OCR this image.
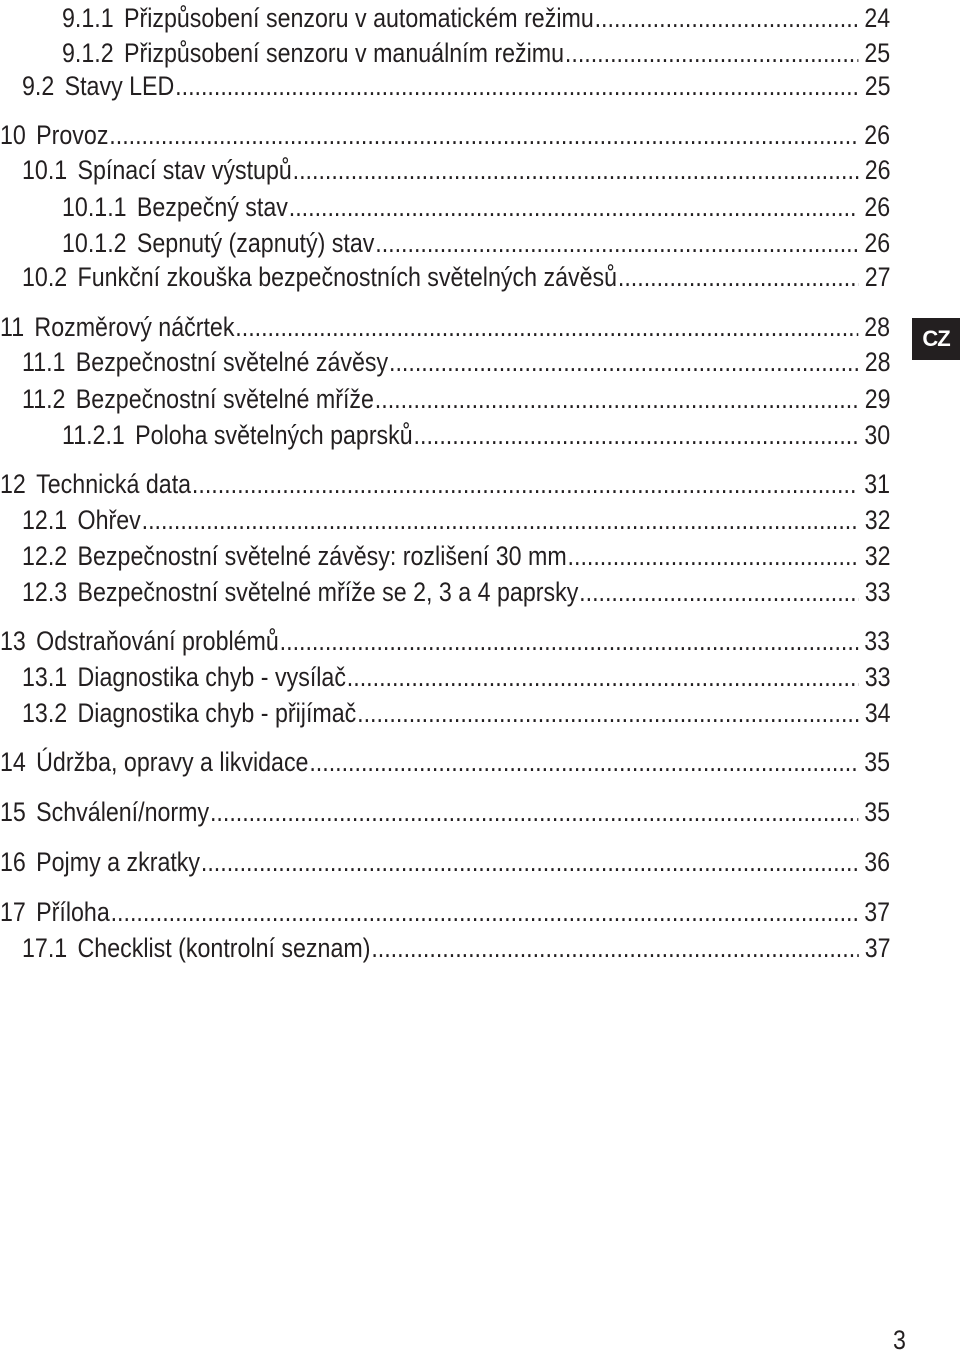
9.1.1 Přizpůsobení senzoru v automatickém režimu .....	24
9.1.2 Přizpůsobení senzoru v manuálním režimu .....	25
9.2 Stavy LED .....	25
10 Provoz .....	26
10.1 Spínací stav výstupů .....	26
10.1.1 Bezpečný stav .....	26
10.1.2 Sepnutý (zapnutý) stav .....	26
10.2 Funkční zkouška bezpečnostních světelných závěsů .....	27
11 Rozměrový náčrtek .....	28
11.1 Bezpečnostní světelné závěsy .....	28
11.2 Bezpečnostní světelné mříže .....	29
11.2.1 Poloha světelných paprsků .....	30
12 Technická data .....	31
12.1 Ohřev .....	32
12.2 Bezpečnostní světelné závěsy: rozlišení 30 mm .....	32
12.3 Bezpečnostní světelné mříže se 2, 3 a 4 paprsky .....	33
13 Odstraňování problémů .....	33
13.1 Diagnostika chyb - vysílač .....	33
13.2 Diagnostika chyb - přijímač .....	34
14 Údržba, opravy a likvidace .....	35
15 Schválení/normy .....	35
16 Pojmy a zkratky .....	36
17 Příloha .....	37
17.1 Checklist (kontrolní seznam) .....	37
CZ
3
